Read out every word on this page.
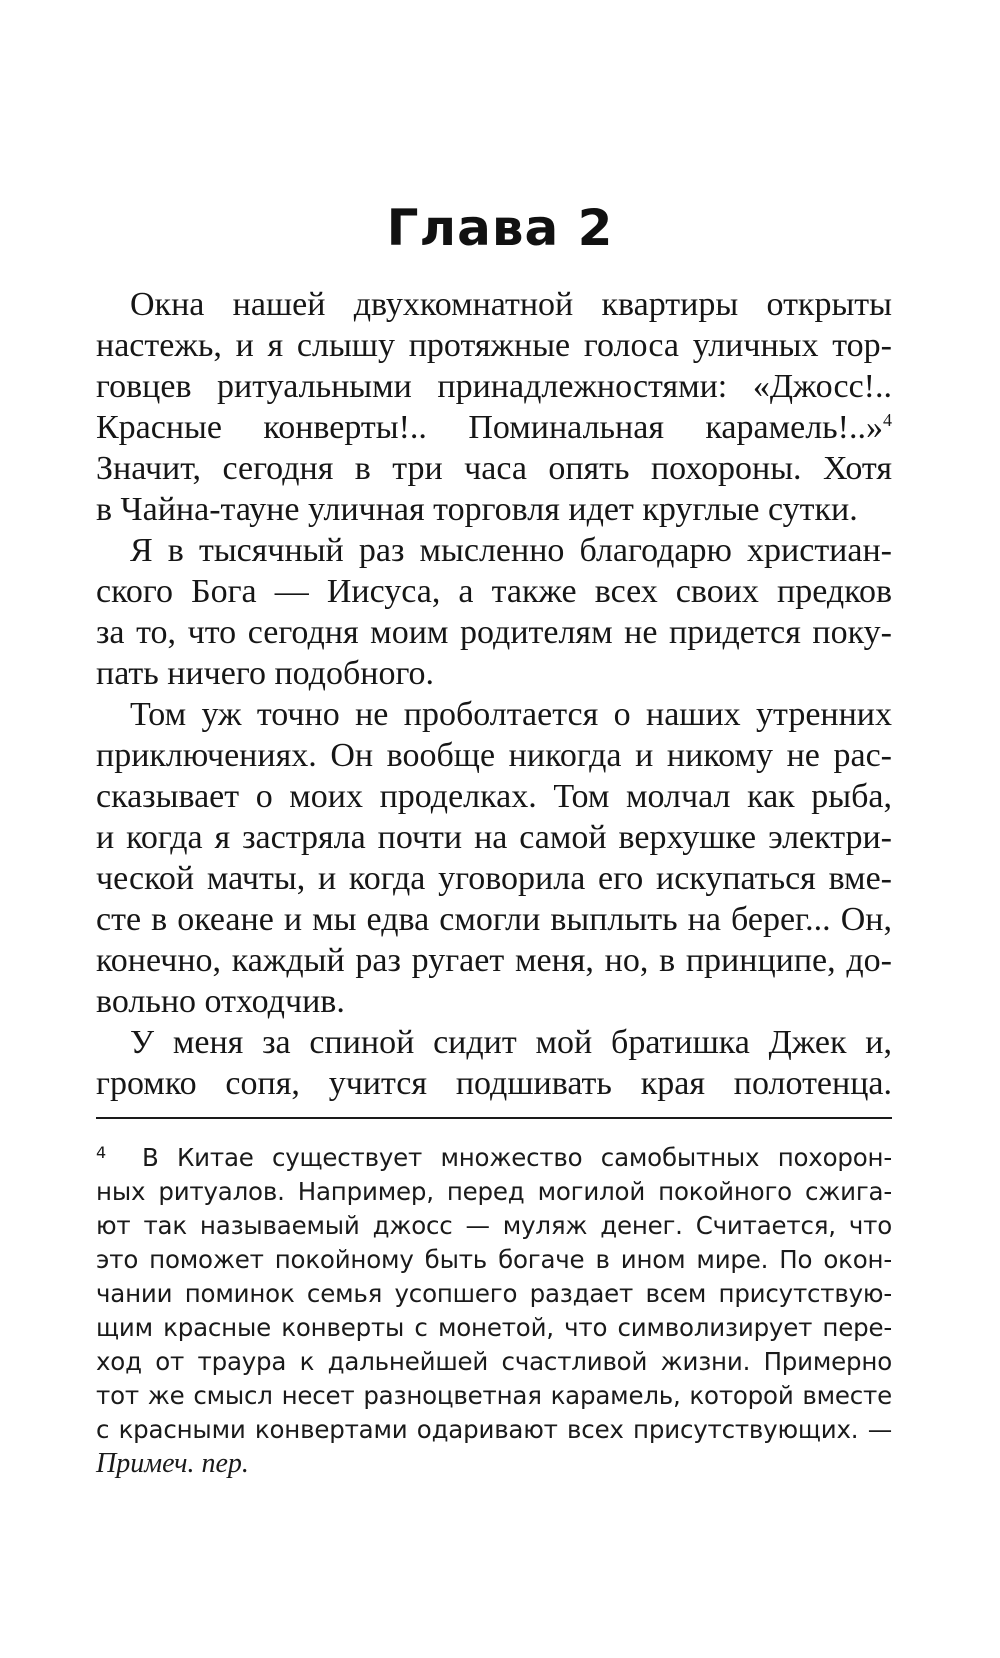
Глава 2

Окна нашей двухкомнатной квартиры открыты
настежь, и я слышу протяжные голоса уличных тор-
говцев ритуальными принадлежностями: «Джосс!..
Красные конверты!.. Поминальная карамель!..»$^4$
Значит, сегодня в три часа опять похороны. Хотя
в Чайна-тауне уличная торговля идет круглые сутки.

Я в тысячный раз мысленно благодарю христиан-
ского Бога — Иисуса, а также всех своих предков
за то, что сегодня моим родителям не придется поку-
пать ничего подобного.

Том уж точно не проболтается о наших утренних
приключениях. Он вообще никогда и никому не рас-
сказывает о моих проделках. Том молчал как рыба,
и когда я застряла почти на самой верхушке электри-
ческой мачты, и когда уговорила его искупаться вме-
сте в океане и мы едва смогли выплыть на берег... Он,
конечно, каждый раз ругает меня, но, в принципе, до-
вольно отходчив.

У меня за спиной сидит мой братишка Джек и,
громко сопя, учится подшивать края полотенца.

4 В Китае существует множество самобытных похорон-
ных ритуалов. Например, перед могилой покойного сжига-
ют так называемый джосс — муляж денег. Считается, что
это поможет покойному быть богаче в ином мире. По окон-
чании поминок семья усопшего раздает всем присутствую-
щим красные конверты с монетой, что символизирует пере-
ход от траура к дальнейшей счастливой жизни. Примерно
тот же смысл несет разноцветная карамель, которой вместе
с красными конвертами одаривают всех присутствующих. —
Примеч. пер.
